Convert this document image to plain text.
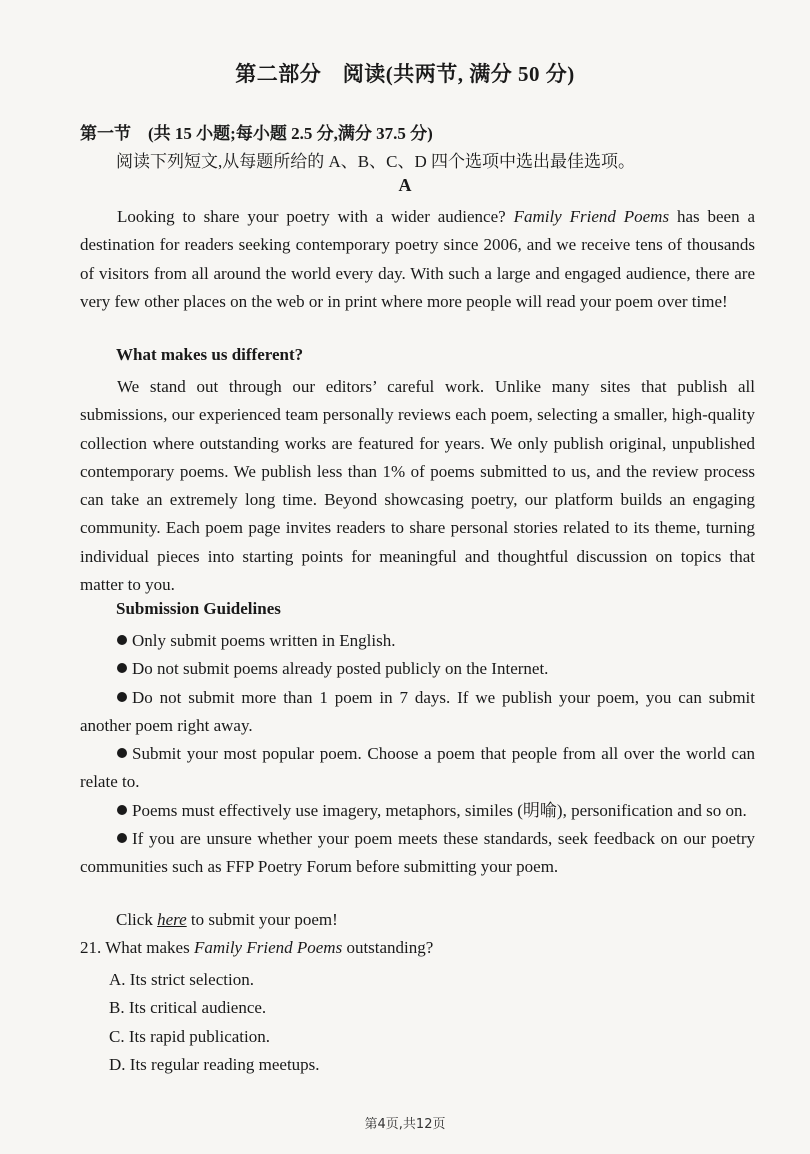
第二部分　阅读(共两节, 满分 50 分)
第一节　(共 15 小题;每小题 2.5 分,满分 37.5 分)
阅读下列短文,从每题所给的 A、B、C、D 四个选项中选出最佳选项。
A

Looking to share your poetry with a wider audience? Family Friend Poems has been a destination for readers seeking contemporary poetry since 2006, and we receive tens of thousands of visitors from all around the world every day. With such a large and engaged audience, there are very few other places on the web or in print where more people will read your poem over time!

What makes us different?

We stand out through our editors’ careful work. Unlike many sites that publish all submissions, our experienced team personally reviews each poem, selecting a smaller, high-quality collection where outstanding works are featured for years. We only publish original, unpublished contemporary poems. We publish less than 1% of poems submitted to us, and the review process can take an extremely long time. Beyond showcasing poetry, our platform builds an engaging community. Each poem page invites readers to share personal stories related to its theme, turning individual pieces into starting points for meaningful and thoughtful discussion on topics that matter to you.

Submission Guidelines
Only submit poems written in English.
Do not submit poems already posted publicly on the Internet.
Do not submit more than 1 poem in 7 days. If we publish your poem, you can submit another poem right away.
Submit your most popular poem. Choose a poem that people from all over the world can relate to.
Poems must effectively use imagery, metaphors, similes (明喻), personification and so on.
If you are unsure whether your poem meets these standards, seek feedback on our poetry communities such as FFP Poetry Forum before submitting your poem.
Click here to submit your poem!
21. What makes Family Friend Poems outstanding?
A. Its strict selection.
B. Its critical audience.
C. Its rapid publication.
D. Its regular reading meetups.
第4页,共12页
